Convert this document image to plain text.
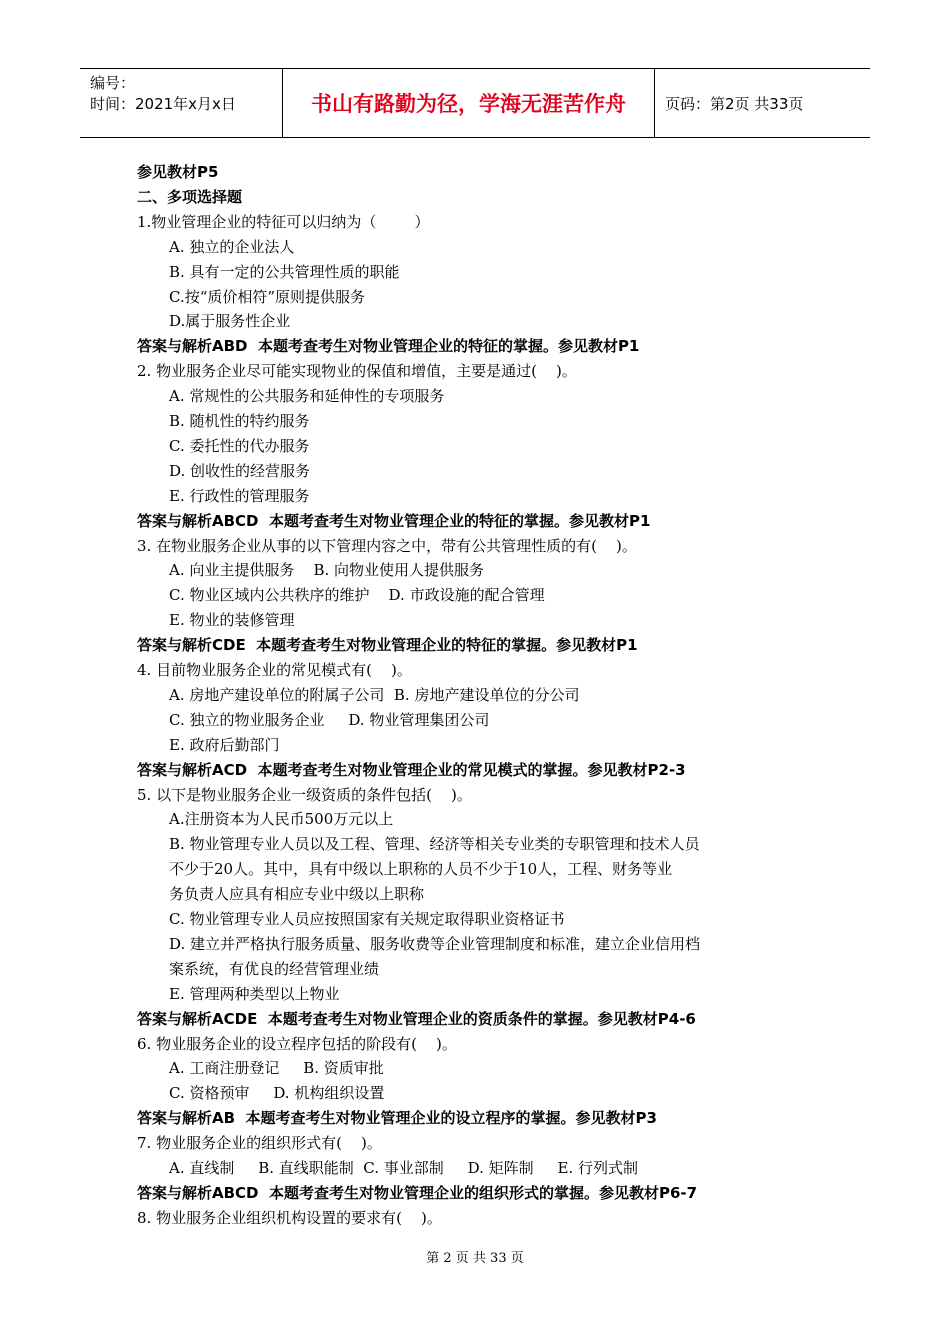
编号：
时间：2021年x月x日	书山有路勤为径，学海无涯苦作舟	页码：第2页 共33页
参见教材P5
二、多项选择题
1.物业管理企业的特征可以归纳为（        ）
A. 独立的企业法人
B. 具有一定的公共管理性质的职能
C.按“质价相符”原则提供服务
D.属于服务性企业
答案与解析ABD  本题考查考生对物业管理企业的特征的掌握。参见教材P1
2. 物业服务企业尽可能实现物业的保值和增值，主要是通过(    )。
A. 常规性的公共服务和延伸性的专项服务
B. 随机性的特约服务
C. 委托性的代办服务
D. 创收性的经营服务
E. 行政性的管理服务
答案与解析ABCD  本题考查考生对物业管理企业的特征的掌握。参见教材P1
3. 在物业服务企业从事的以下管理内容之中，带有公共管理性质的有(    )。
A. 向业主提供服务    B. 向物业使用人提供服务
C. 物业区域内公共秩序的维护    D. 市政设施的配合管理
E. 物业的装修管理
答案与解析CDE  本题考查考生对物业管理企业的特征的掌握。参见教材P1
4. 目前物业服务企业的常见模式有(    )。
A. 房地产建设单位的附属子公司  B. 房地产建设单位的分公司
C. 独立的物业服务企业     D. 物业管理集团公司
E. 政府后勤部门
答案与解析ACD  本题考查考生对物业管理企业的常见模式的掌握。参见教材P2-3
5. 以下是物业服务企业一级资质的条件包括(    )。
A.注册资本为人民币500万元以上
B. 物业管理专业人员以及工程、管理、经济等相关专业类的专职管理和技术人员
不少于20人。其中，具有中级以上职称的人员不少于10人，工程、财务等业
务负责人应具有相应专业中级以上职称
C. 物业管理专业人员应按照国家有关规定取得职业资格证书
D. 建立并严格执行服务质量、服务收费等企业管理制度和标准，建立企业信用档
案系统，有优良的经营管理业绩
E. 管理两种类型以上物业
答案与解析ACDE  本题考查考生对物业管理企业的资质条件的掌握。参见教材P4-6
6. 物业服务企业的设立程序包括的阶段有(    )。
A. 工商注册登记     B. 资质审批
C. 资格预审     D. 机构组织设置
答案与解析AB  本题考查考生对物业管理企业的设立程序的掌握。参见教材P3
7. 物业服务企业的组织形式有(    )。
A. 直线制     B. 直线职能制  C. 事业部制     D. 矩阵制     E. 行列式制
答案与解析ABCD  本题考查考生对物业管理企业的组织形式的掌握。参见教材P6-7
8. 物业服务企业组织机构设置的要求有(    )。
第 2 页 共 33 页
